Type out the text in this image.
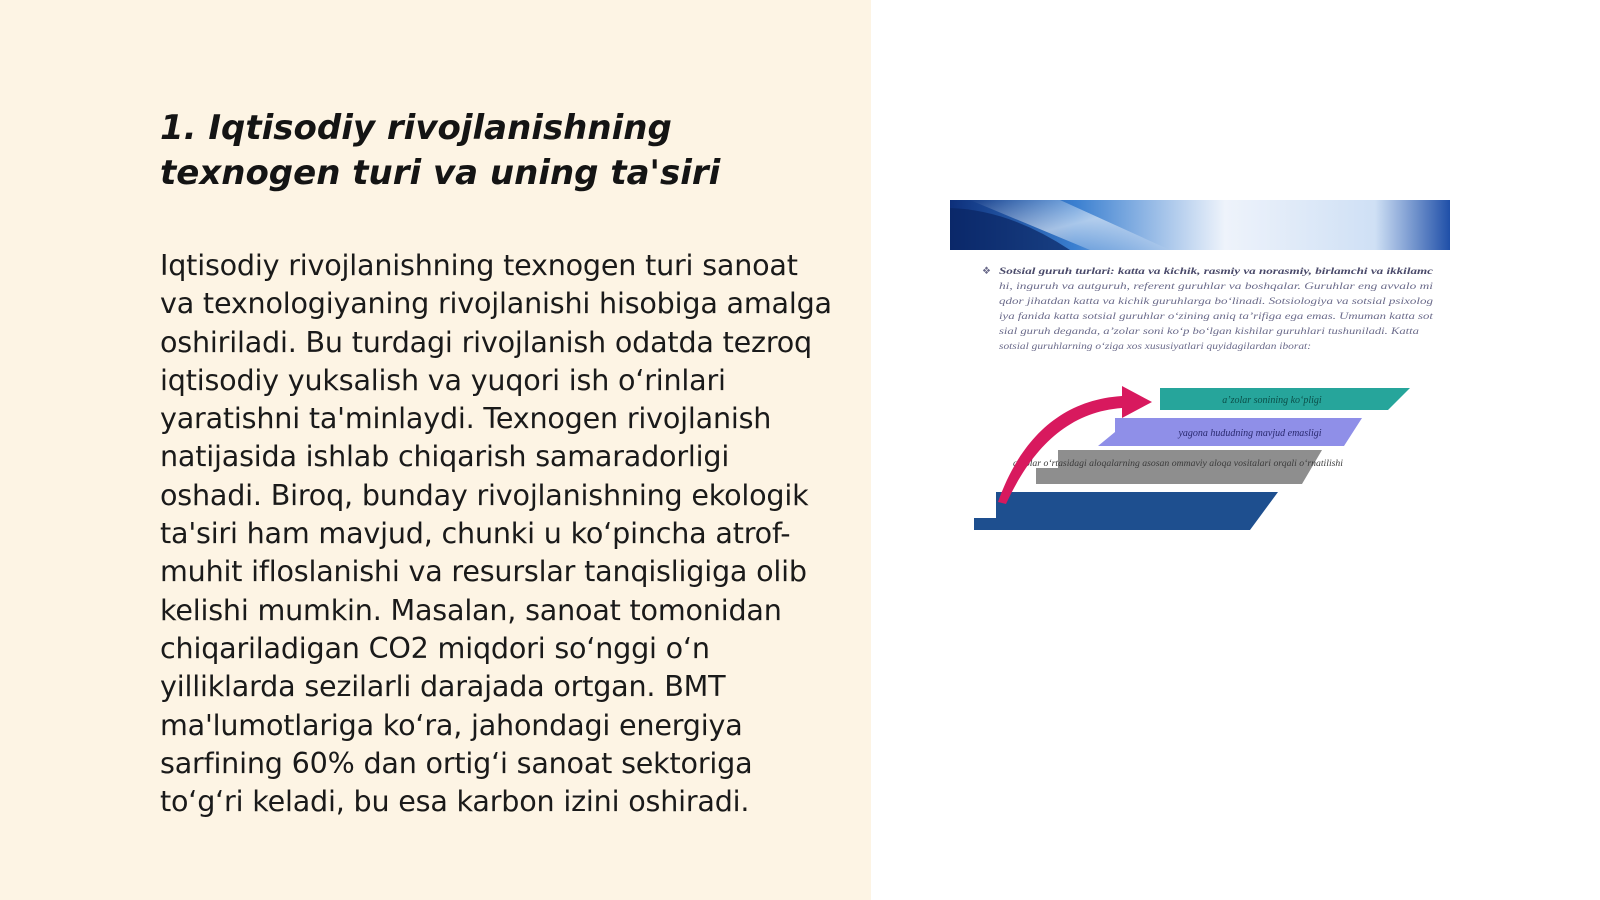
1. Iqtisodiy rivojlanishning texnogen turi va uning ta'siri

Iqtisodiy rivojlanishning texnogen turi sanoat va texnologiyaning rivojlanishi hisobiga amalga oshiriladi. Bu turdagi rivojlanish odatda tezroq iqtisodiy yuksalish va yuqori ish o‘rinlari yaratishni ta'minlaydi. Texnogen rivojlanish natijasida ishlab chiqarish samaradorligi oshadi. Biroq, bunday rivojlanishning ekologik ta'siri ham mavjud, chunki u ko‘pincha atrof-muhit ifloslanishi va resurslar tanqisligiga olib kelishi mumkin. Masalan, sanoat tomonidan chiqariladigan CO2 miqdori so‘nggi o‘n yilliklarda sezilarli darajada ortgan. BMT ma'lumotlariga ko‘ra, jahondagi energiya sarfining 60% dan ortig‘i sanoat sektoriga to‘g‘ri keladi, bu esa karbon izini oshiradi.

❖ Sotsial guruh turlari: katta va kichik, rasmiy va norasmiy, birlamchi va ikkilamc
hi, inguruh va autguruh, referent guruhlar va boshqalar. Guruhlar eng avvalo mi
qdor jihatdan katta va kichik guruhlarga bo‘linadi. Sotsiologiya va sotsial psixolog
iya fanida katta sotsial guruhlar o‘zining aniq ta’rifiga ega emas. Umuman katta sot
sial guruh deganda, a’zolar soni ko‘p bo‘lgan kishilar guruhlari tushuniladi. Katta
sotsial guruhlarning o‘ziga xos xususiyatlari quyidagilardan iborat:
a’zolar sonining ko‘pligi
yagona hududning mavjud emasligi
a’zolar o‘rtasidagi aloqalarning asosan ommaviy aloqa vositalari orqali o‘rnatilishi
